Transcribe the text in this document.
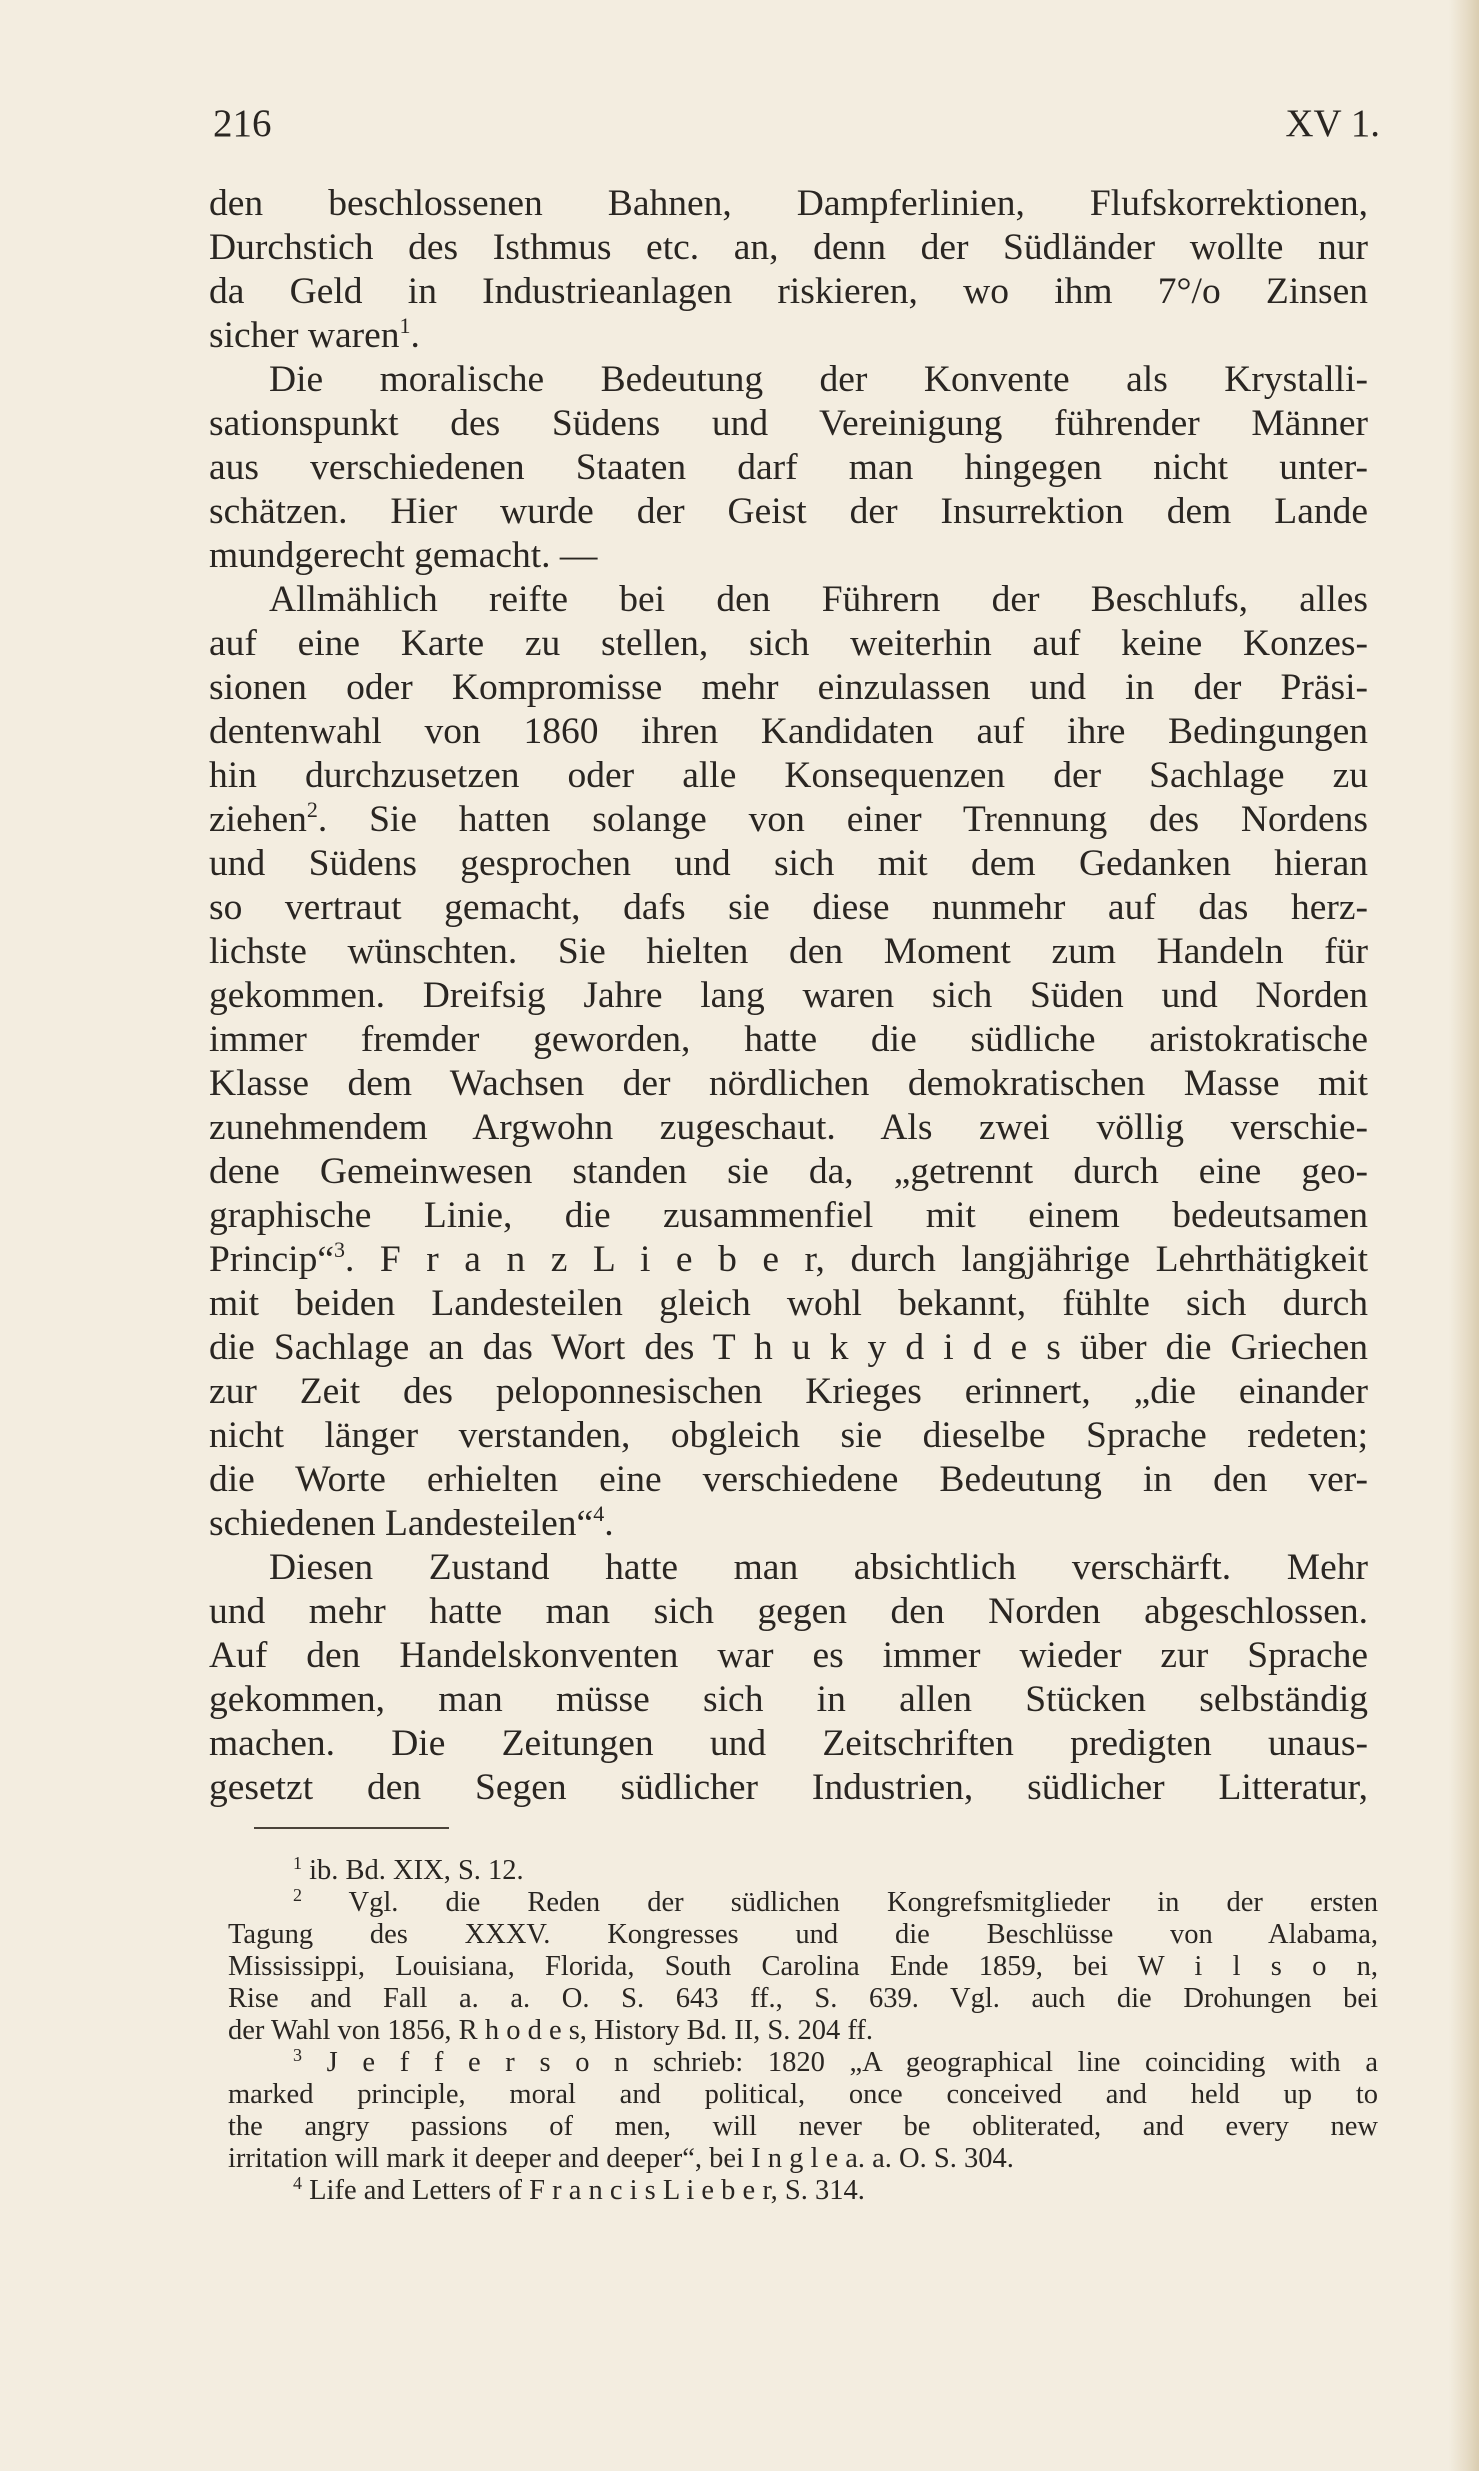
216	XV 1.
den beschlossenen Bahnen, Dampferlinien, Flufskorrektionen,
Durchstich des Isthmus etc. an, denn der Südländer wollte nur
da Geld in Industrieanlagen riskieren, wo ihm 7°/o Zinsen
sicher waren$^1$.
Die moralische Bedeutung der Konvente als Krystalli-
sationspunkt des Südens und Vereinigung führender Männer
aus verschiedenen Staaten darf man hingegen nicht unter-
schätzen. Hier wurde der Geist der Insurrektion dem Lande
mundgerecht gemacht. —
Allmählich reifte bei den Führern der Beschlufs, alles
auf eine Karte zu stellen, sich weiterhin auf keine Konzes-
sionen oder Kompromisse mehr einzulassen und in der Präsi-
dentenwahl von 1860 ihren Kandidaten auf ihre Bedingungen
hin durchzusetzen oder alle Konsequenzen der Sachlage zu
ziehen$^2$. Sie hatten solange von einer Trennung des Nordens
und Südens gesprochen und sich mit dem Gedanken hieran
so vertraut gemacht, dafs sie diese nunmehr auf das herz-
lichste wünschten. Sie hielten den Moment zum Handeln für
gekommen. Dreifsig Jahre lang waren sich Süden und Norden
immer fremder geworden, hatte die südliche aristokratische
Klasse dem Wachsen der nördlichen demokratischen Masse mit
zunehmendem Argwohn zugeschaut. Als zwei völlig verschie-
dene Gemeinwesen standen sie da, „getrennt durch eine geo-
graphische Linie, die zusammenfiel mit einem bedeutsamen
Princip“$^3$. F r a n z L i e b e r, durch langjährige Lehrthätigkeit
mit beiden Landesteilen gleich wohl bekannt, fühlte sich durch
die Sachlage an das Wort des T h u k y d i d e s über die Griechen
zur Zeit des peloponnesischen Krieges erinnert, „die einander
nicht länger verstanden, obgleich sie dieselbe Sprache redeten;
die Worte erhielten eine verschiedene Bedeutung in den ver-
schiedenen Landesteilen“$^4$.
Diesen Zustand hatte man absichtlich verschärft. Mehr
und mehr hatte man sich gegen den Norden abgeschlossen.
Auf den Handelskonventen war es immer wieder zur Sprache
gekommen, man müsse sich in allen Stücken selbständig
machen. Die Zeitungen und Zeitschriften predigten unaus-
gesetzt den Segen südlicher Industrien, südlicher Litteratur,
$^1$ ib. Bd. XIX, S. 12.
$^2$ Vgl. die Reden der südlichen Kongrefsmitglieder in der ersten
Tagung des XXXV. Kongresses und die Beschlüsse von Alabama,
Mississippi, Louisiana, Florida, South Carolina Ende 1859, bei W i l s o n,
Rise and Fall a. a. O. S. 643 ff., S. 639. Vgl. auch die Drohungen bei
der Wahl von 1856, R h o d e s, History Bd. II, S. 204 ff.
$^3$ J e f f e r s o n schrieb: 1820 „A geographical line coinciding with a
marked principle, moral and political, once conceived and held up to
the angry passions of men, will never be obliterated, and every new
irritation will mark it deeper and deeper“, bei I n g l e a. a. O. S. 304.
$^4$ Life and Letters of F r a n c i s L i e b e r, S. 314.
